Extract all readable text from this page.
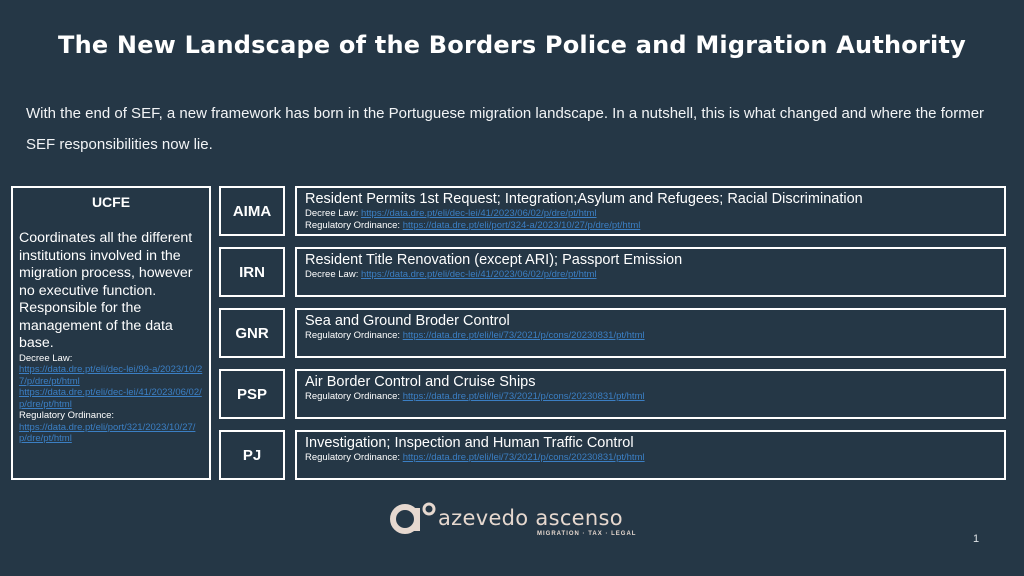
The New Landscape of the Borders Police and Migration Authority
With the end of SEF, a new framework has born in the Portuguese migration landscape. In a nutshell, this is what changed and where the former SEF responsibilities now lie.
UCFE
Coordinates all the different institutions involved in the migration process, however no executive function. Responsible for the management of the data base.
Decree Law:
https://data.dre.pt/eli/dec-lei/99-a/2023/10/27/p/dre/pt/html
https://data.dre.pt/eli/dec-lei/41/2023/06/02/p/dre/pt/html
Regulatory Ordinance:
https://data.dre.pt/eli/port/321/2023/10/27/p/dre/pt/html
AIMA
Resident Permits 1st Request; Integration;Asylum and Refugees; Racial Discrimination
Decree Law: https://data.dre.pt/eli/dec-lei/41/2023/06/02/p/dre/pt/html
Regulatory Ordinance: https://data.dre.pt/eli/port/324-a/2023/10/27/p/dre/pt/html
IRN
Resident Title Renovation (except ARI); Passport Emission
Decree Law: https://data.dre.pt/eli/dec-lei/41/2023/06/02/p/dre/pt/html
GNR
Sea and Ground Broder Control
Regulatory Ordinance: https://data.dre.pt/eli/lei/73/2021/p/cons/20230831/pt/html
PSP
Air Border Control and Cruise Ships
Regulatory Ordinance: https://data.dre.pt/eli/lei/73/2021/p/cons/20230831/pt/html
PJ
Investigation; Inspection and Human Traffic Control
Regulatory Ordinance: https://data.dre.pt/eli/lei/73/2021/p/cons/20230831/pt/html
azevedo ascenso
MIGRATION · TAX · LEGAL	1
